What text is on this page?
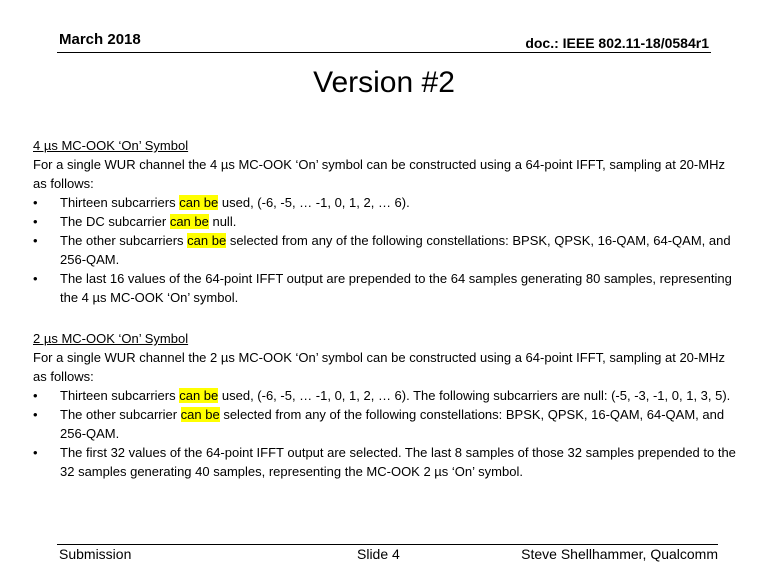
March 2018	doc.: IEEE 802.11-18/0584r1
Version #2
4 µs MC-OOK ‘On’ Symbol
For a single WUR channel the 4 µs MC-OOK ‘On’ symbol can be constructed using a 64-point IFFT, sampling at 20-MHz as follows:
• Thirteen subcarriers can be used, (-6, -5, … -1, 0, 1, 2, … 6).
• The DC subcarrier can be null.
• The other subcarriers can be selected from any of the following constellations: BPSK, QPSK, 16-QAM, 64-QAM, and 256-QAM.
• The last 16 values of the 64-point IFFT output are prepended to the 64 samples generating 80 samples, representing the 4 µs MC-OOK ‘On’ symbol.
2 µs MC-OOK ‘On’ Symbol
For a single WUR channel the 2 µs MC-OOK ‘On’ symbol can be constructed using a 64-point IFFT, sampling at 20-MHz as follows:
• Thirteen subcarriers can be used, (-6, -5, … -1, 0, 1, 2, … 6). The following subcarriers are null: (-5, -3, -1, 0, 1, 3, 5).
• The other subcarrier can be selected from any of the following constellations: BPSK, QPSK, 16-QAM, 64-QAM, and 256-QAM.
• The first 32 values of the 64-point IFFT output are selected. The last 8 samples of those 32 samples prepended to the 32 samples generating 40 samples, representing the MC-OOK 2 µs ‘On’ symbol.
Submission	Slide 4	Steve Shellhammer, Qualcomm
